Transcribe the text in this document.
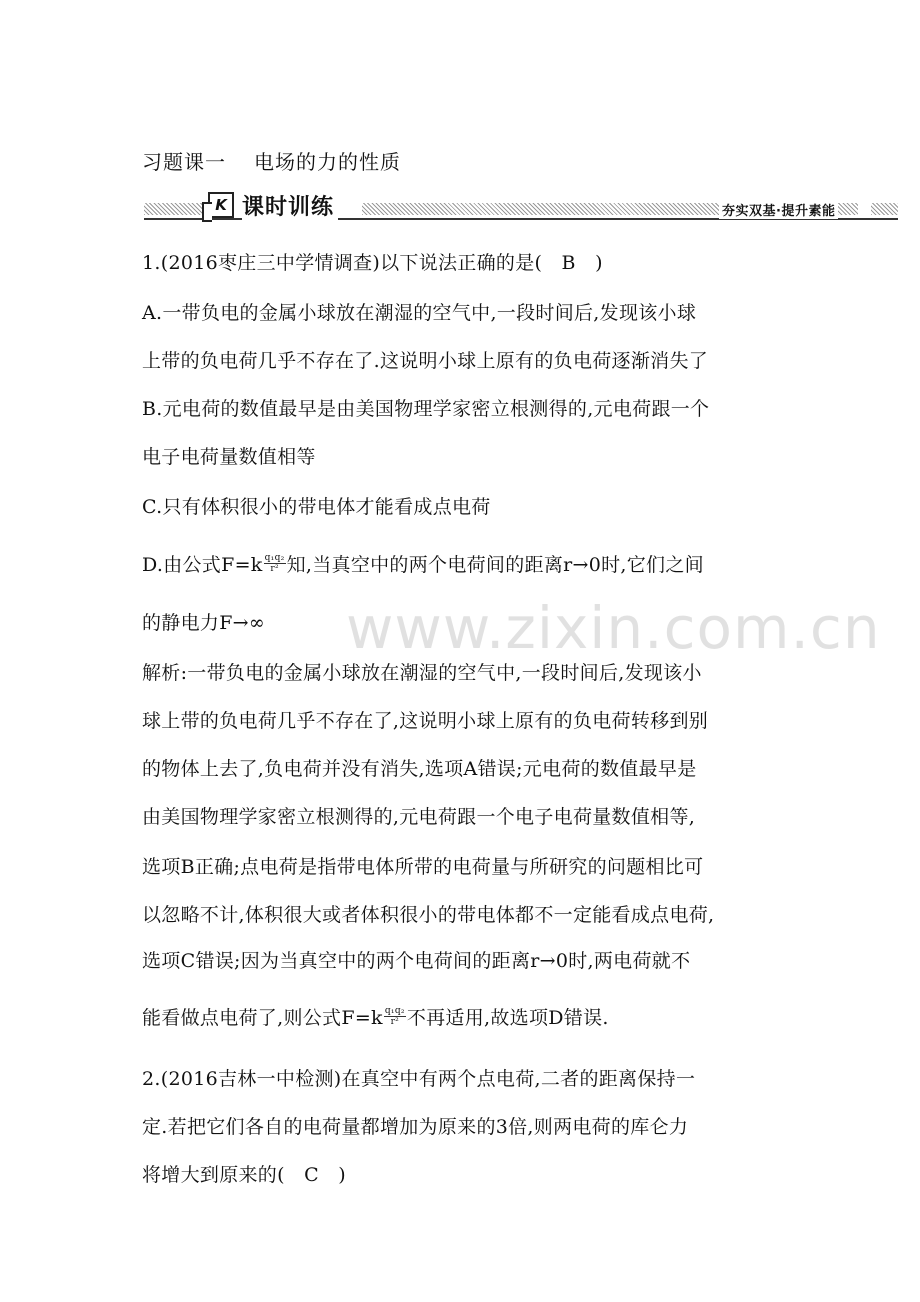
习题课一 电场的力的性质
K 课时训练	夯实双基·提升素能
1.(2016枣庄三中学情调查)以下说法正确的是(　B　)
A.一带负电的金属小球放在潮湿的空气中,一段时间后,发现该小球
上带的负电荷几乎不存在了.这说明小球上原有的负电荷逐渐消失了
B.元电荷的数值最早是由美国物理学家密立根测得的,元电荷跟一个
电子电荷量数值相等
C.只有体积很小的带电体才能看成点电荷
D.由公式$F=k \frac{\text{q₁q₂}}{\text{r²}}$ 知,当真空中的两个电荷间的距离r→0时,它们之间
的静电力F→∞ www.zixin.com.cn
解析:一带负电的金属小球放在潮湿的空气中,一段时间后,发现该小
球上带的负电荷几乎不存在了,这说明小球上原有的负电荷转移到别
的物体上去了,负电荷并没有消失,选项A错误;元电荷的数值最早是
由美国物理学家密立根测得的,元电荷跟一个电子电荷量数值相等,
选项B正确;点电荷是指带电体所带的电荷量与所研究的问题相比可
以忽略不计,体积很大或者体积很小的带电体都不一定能看成点电荷,
选项C错误;因为当真空中的两个电荷间的距离r→0时,两电荷就不
能看做点电荷了,则公式$F=k \frac{\text{q₁q₂}}{\text{r²}}$ 不再适用,故选项D错误.
2.(2016吉林一中检测)在真空中有两个点电荷,二者的距离保持一
定.若把它们各自的电荷量都增加为原来的3倍,则两电荷的库仑力
将增大到原来的(　C　)
